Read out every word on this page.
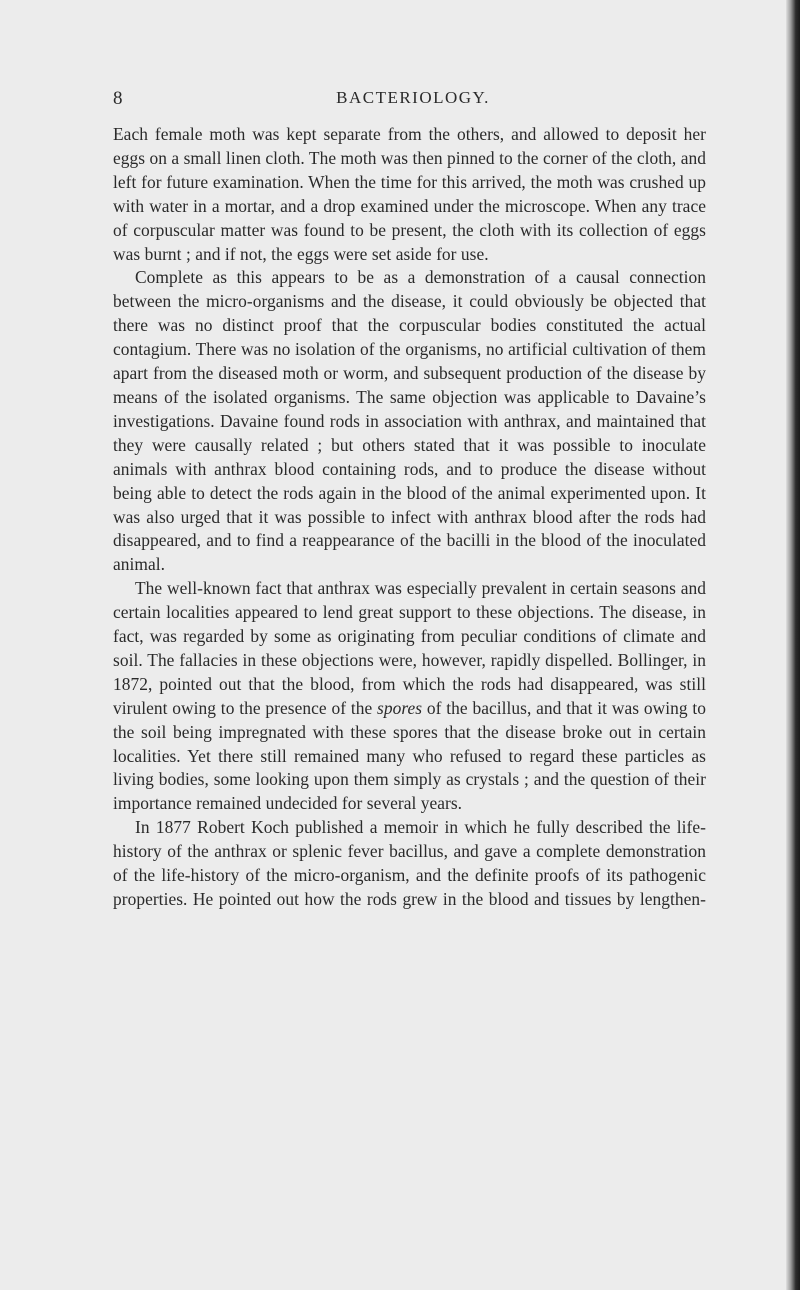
8	BACTERIOLOGY.

Each female moth was kept separate from the others, and allowed to deposit her eggs on a small linen cloth. The moth was then pinned to the corner of the cloth, and left for future examination. When the time for this arrived, the moth was crushed up with water in a mortar, and a drop examined under the microscope. When any trace of corpuscular matter was found to be present, the cloth with its collection of eggs was burnt ; and if not, the eggs were set aside for use.

Complete as this appears to be as a demonstration of a causal connection between the micro-organisms and the disease, it could obviously be objected that there was no distinct proof that the corpuscular bodies constituted the actual contagium. There was no isolation of the organisms, no artificial cultivation of them apart from the diseased moth or worm, and subsequent production of the disease by means of the isolated organisms. The same objection was applicable to Davaine’s investigations. Davaine found rods in association with anthrax, and maintained that they were causally related ; but others stated that it was possible to inoculate animals with anthrax blood containing rods, and to produce the disease without being able to detect the rods again in the blood of the animal experimented upon. It was also urged that it was possible to infect with anthrax blood after the rods had disappeared, and to find a reappearance of the bacilli in the blood of the inoculated animal.

The well-known fact that anthrax was especially prevalent in certain seasons and certain localities appeared to lend great support to these objections. The disease, in fact, was regarded by some as originating from peculiar conditions of climate and soil. The fallacies in these objections were, however, rapidly dispelled. Bollinger, in 1872, pointed out that the blood, from which the rods had disappeared, was still virulent owing to the presence of the spores of the bacillus, and that it was owing to the soil being impregnated with these spores that the disease broke out in certain localities. Yet there still remained many who refused to regard these particles as living bodies, some looking upon them simply as crystals ; and the question of their importance remained undecided for several years.

In 1877 Robert Koch published a memoir in which he fully described the life-history of the anthrax or splenic fever bacillus, and gave a complete demonstration of the life-history of the micro-organism, and the definite proofs of its pathogenic properties. He pointed out how the rods grew in the blood and tissues by lengthen-
